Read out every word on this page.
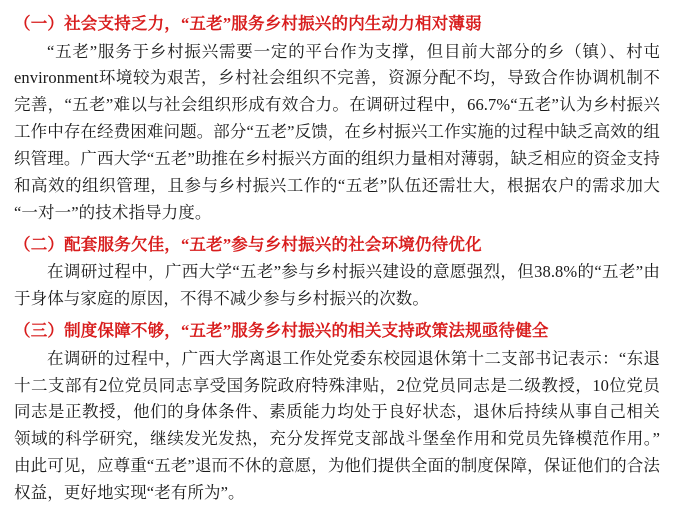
（一）社会支持乏力，“五老”服务乡村振兴的内生动力相对薄弱

“五老”服务于乡村振兴需要一定的平台作为支撑，但目前大部分的乡（镇）、村屯environment环境较为艰苦，乡村社会组织不完善，资源分配不均，导致合作协调机制不完善，“五老”难以与社会组织形成有效合力。在调研过程中，66.7%“五老”认为乡村振兴工作中存在经费困难问题。部分“五老”反馈，在乡村振兴工作实施的过程中缺乏高效的组织管理。广西大学“五老”助推在乡村振兴方面的组织力量相对薄弱，缺乏相应的资金支持和高效的组织管理，且参与乡村振兴工作的“五老”队伍还需壮大，根据农户的需求加大“一对一”的技术指导力度。

（二）配套服务欠佳，“五老”参与乡村振兴的社会环境仍待优化

在调研过程中，广西大学“五老”参与乡村振兴建设的意愿强烈，但38.8%的“五老”由于身体与家庭的原因，不得不减少参与乡村振兴的次数。

（三）制度保障不够，“五老”服务乡村振兴的相关支持政策法规亟待健全

在调研的过程中，广西大学离退工作处党委东校园退休第十二支部书记表示：“东退十二支部有2位党员同志享受国务院政府特殊津贴，2位党员同志是二级教授，10位党员同志是正教授，他们的身体条件、素质能力均处于良好状态，退休后持续从事自己相关领域的科学研究，继续发光发热，充分发挥党支部战斗堡垒作用和党员先锋模范作用。”由此可见，应尊重“五老”退而不休的意愿，为他们提供全面的制度保障，保证他们的合法权益，更好地实现“老有所为”。
